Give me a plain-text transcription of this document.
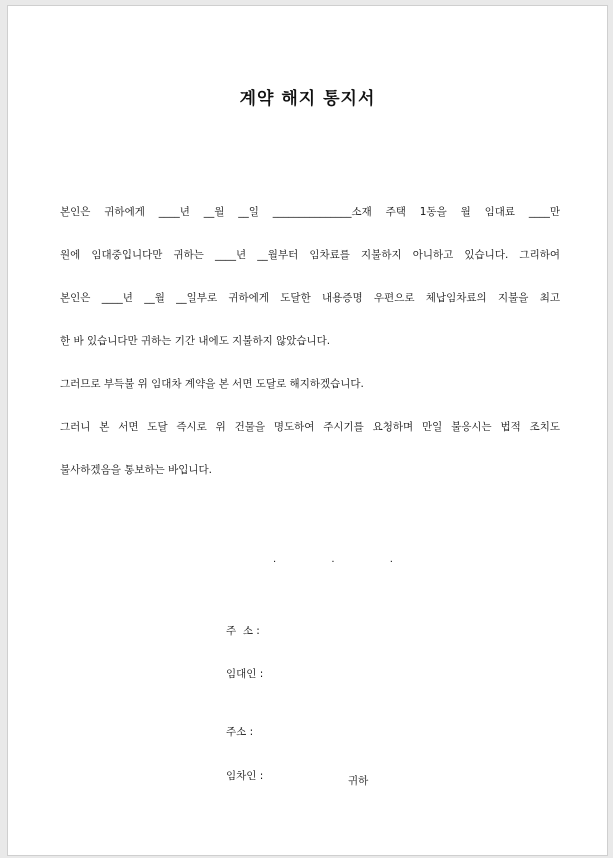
계약 해지 통지서
본인은 귀하에게 ____년 __월 __일 _______________소재 주택 1동을 월 임대료 ____만
원에 임대중입니다만 귀하는 ____년 __월부터 임차료를 지불하지 아니하고 있습니다. 그리하여
본인은 ____년 __월 __일부로 귀하에게 도달한 내용증명 우편으로 체납임차료의 지불을 최고
한 바 있습니다만 귀하는 기간 내에도 지불하지 않았습니다.
그러므로 부득불 위 임대차 계약을 본 서면 도달로 해지하겠습니다.
그러니 본 서면 도달 즉시로 위 건물을 명도하여 주시기를 요청하며 만일 불응시는 법적 조치도
불사하겠음을 통보하는 바입니다.
. . .
주  소 :
임대인 :
주소 :
임차인 :	귀하
